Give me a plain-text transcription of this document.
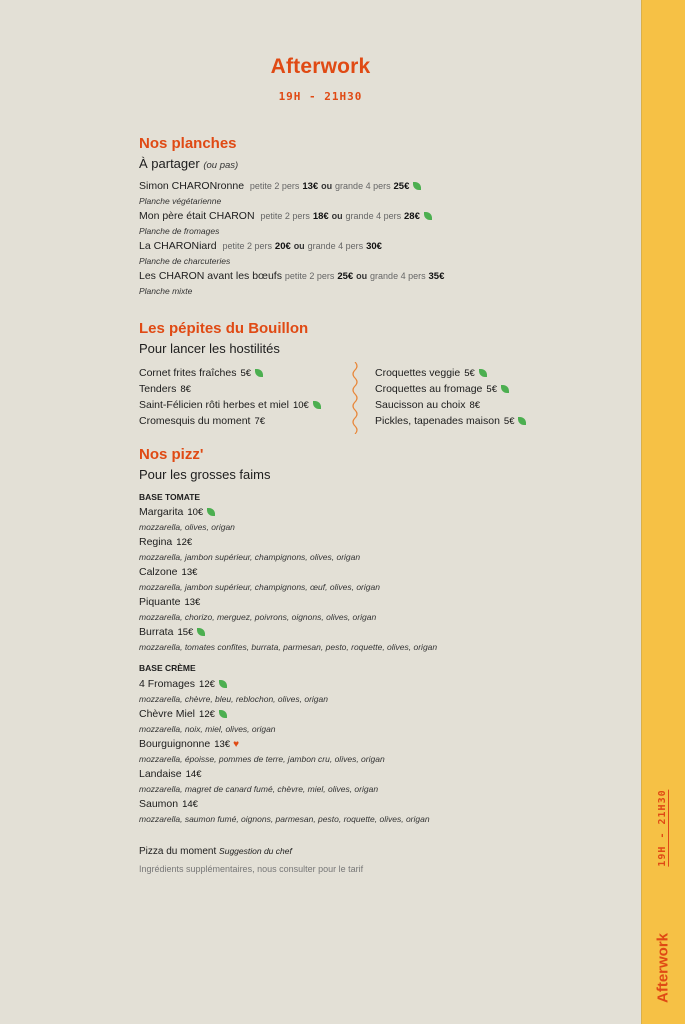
Afterwork
19H - 21H30
Nos planches
À partager (ou pas)
Simon CHARONronne petite 2 pers 13€ ou grande 4 pers 25€
Planche végétarienne
Mon père était CHARON petite 2 pers 18€ ou grande 4 pers 28€
Planche de fromages
La CHARONiard petite 2 pers 20€ ou grande 4 pers 30€
Planche de charcuteries
Les CHARON avant les bœufs petite 2 pers 25€ ou grande 4 pers 35€
Planche mixte
Les pépites du Bouillon
Pour lancer les hostilités
Cornet frites fraîches 5€
Tenders 8€
Saint-Félicien rôti herbes et miel 10€
Cromesquis du moment 7€
Croquettes veggie 5€
Croquettes au fromage 5€
Saucisson au choix 8€
Pickles, tapenades maison 5€
Nos pizz'
Pour les grosses faims
BASE TOMATE
Margarita 10€
mozzarella, olives, origan
Regina 12€
mozzarella, jambon supérieur, champignons, olives, origan
Calzone 13€
mozzarella, jambon supérieur, champignons, œuf, olives, origan
Piquante 13€
mozzarella, chorizo, merguez, poivrons, oignons, olives, origan
Burrata 15€
mozzarella, tomates confites, burrata, parmesan, pesto, roquette, olives, origan
BASE CRÈME
4 Fromages 12€
mozzarella, chèvre, bleu, reblochon, olives, origan
Chèvre Miel 12€
mozzarella, noix, miel, olives, origan
Bourguignonne 13€ ♥
mozzarella, époisse, pommes de terre, jambon cru, olives, origan
Landaise 14€
mozzarella, magret de canard fumé, chèvre, miel, olives, origan
Saumon 14€
mozzarella, saumon fumé, oignons, parmesan, pesto, roquette, olives, origan
Pizza du moment Suggestion du chef
Ingrédients supplémentaires, nous consulter pour le tarif
19H - 21H30
Afterwork
